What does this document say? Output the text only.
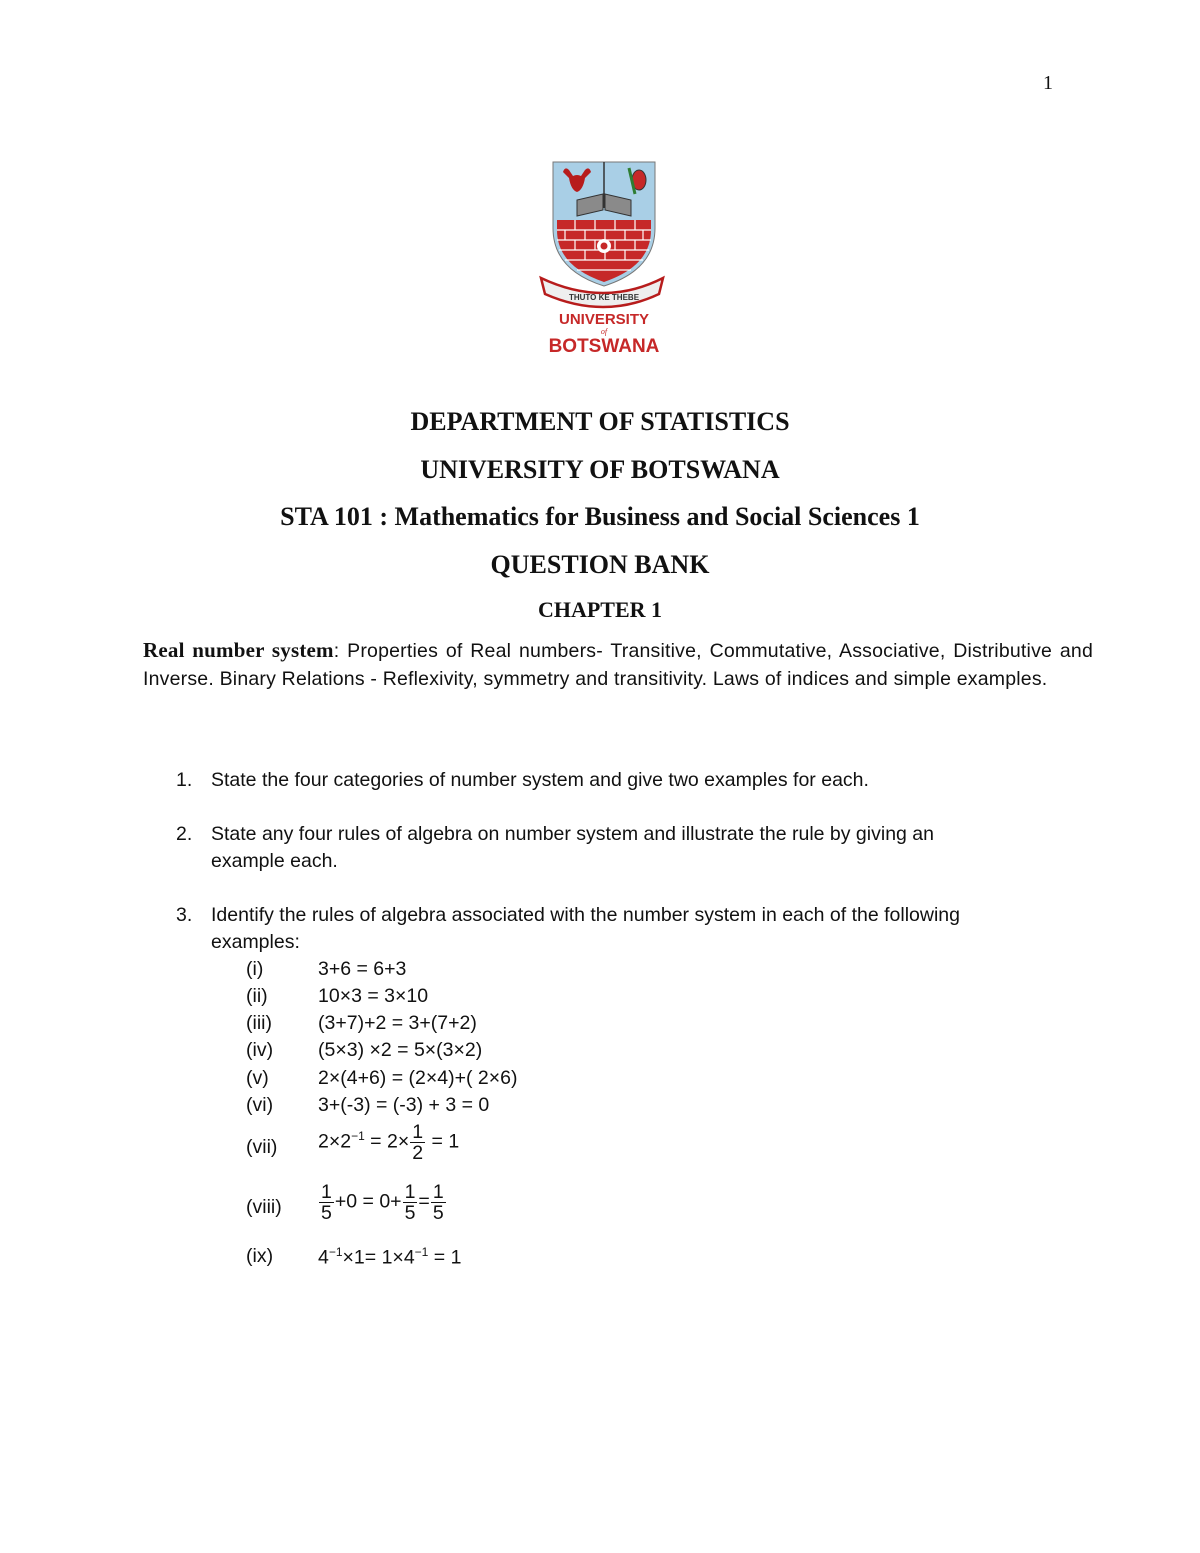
1
THUTO KE THEBE
UNIVERSITY
of
BOTSWANA
DEPARTMENT OF STATISTICS
UNIVERSITY OF BOTSWANA
STA 101 : Mathematics for Business and Social Sciences 1
QUESTION BANK
CHAPTER 1
Real number system: Properties of Real numbers- Transitive, Commutative, Associative, Distributive and Inverse. Binary Relations - Reflexivity, symmetry and transitivity. Laws of indices and simple examples.
1. State the four categories of number system and give two examples for each.
2. State any four rules of algebra on number system and illustrate the rule by giving an
example each.
3. Identify the rules of algebra associated with the number system in each of the following
examples:
(i)	3+6 = 6+3
(ii)	10×3 = 3×10
(iii) (3+7)+2 = 3+(7+2)
(iv) (5×3) ×2 = 5×(3×2)
(v)	2×(4+6) = (2×4)+( 2×6)
(vi) 3+(-3) = (-3) + 3 = 0
(vii) $2\times 2^{-1} = 2\times \frac{1}{2} = 1$
(viii) $\frac{1}{5} +0 = 0+ \frac{1}{5} = \frac{1}{5}$
(ix) $4^{-1}\times 1= 1\times 4^{-1} = 1$
